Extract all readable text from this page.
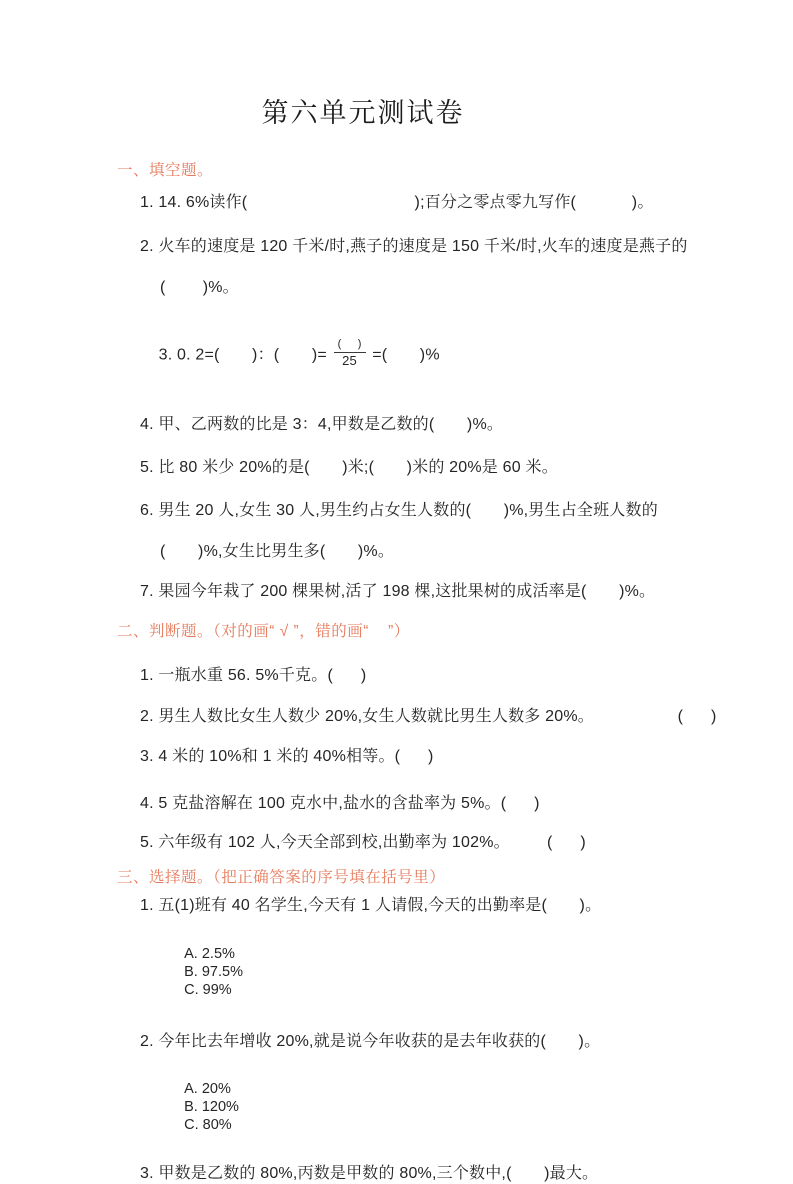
第六单元测试卷
一、填空题。
1. 14. 6%读作(                                    );百分之零点零九写作(            )。
2. 火车的速度是 120 千米/时,燕子的速度是 150 千米/时,火车的速度是燕子的
(        )%。

3. 0. 2=(       )：(       )= $\frac{( )}{25}$ =(       )%

4. 甲、乙两数的比是 3：4,甲数是乙数的(       )%。
5. 比 80 米少 20%的是(       )米;(       )米的 20%是 60 米。
6. 男生 20 人,女生 30 人,男生约占女生人数的(       )%,男生占全班人数的
(       )%,女生比男生多(       )%。
7. 果园今年栽了 200 棵果树,活了 198 棵,这批果树的成活率是(       )%。
二、判断题。（对的画“ √ ”，错的画“    ”）
1. 一瓶水重 56. 5%千克。(      )
2. 男生人数比女生人数少 20%,女生人数就比男生人数多 20%。                  (      )
3. 4 米的 10%和 1 米的 40%相等。(      )
4. 5 克盐溶解在 100 克水中,盐水的含盐率为 5%。(      )
5. 六年级有 102 人,今天全部到校,出勤率为 102%。        (      )
三、选择题。（把正确答案的序号填在括号里）
1. 五(1)班有 40 名学生,今天有 1 人请假,今天的出勤率是(       )。

A. 2.5%
B. 97.5%
C. 99%

2. 今年比去年增收 20%,就是说今年收获的是去年收获的(       )。

A. 20%
B. 120%
C. 80%

3. 甲数是乙数的 80%,丙数是甲数的 80%,三个数中,(       )最大。
